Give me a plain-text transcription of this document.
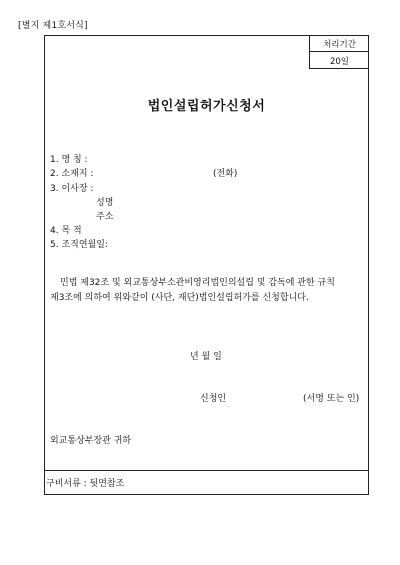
[별지 제1호서식]
처리기간
20일
법인설립허가신청서
1. 명 칭 :
2. 소재지 :	(전화)
3. 이사장 :
성명
주소
4. 목 적
5. 조직연월일:
민법 제32조 및 외교통상부소관비영리법인의설립 및 감독에 관한 규칙
제3조에 의하여 위와같이 (사단, 재단)법인설립허가를 신청합니다.
년 월 일
신청인	(서명 또는 인)
외교통상부장관 귀하
구비서류 : 뒷면참조
